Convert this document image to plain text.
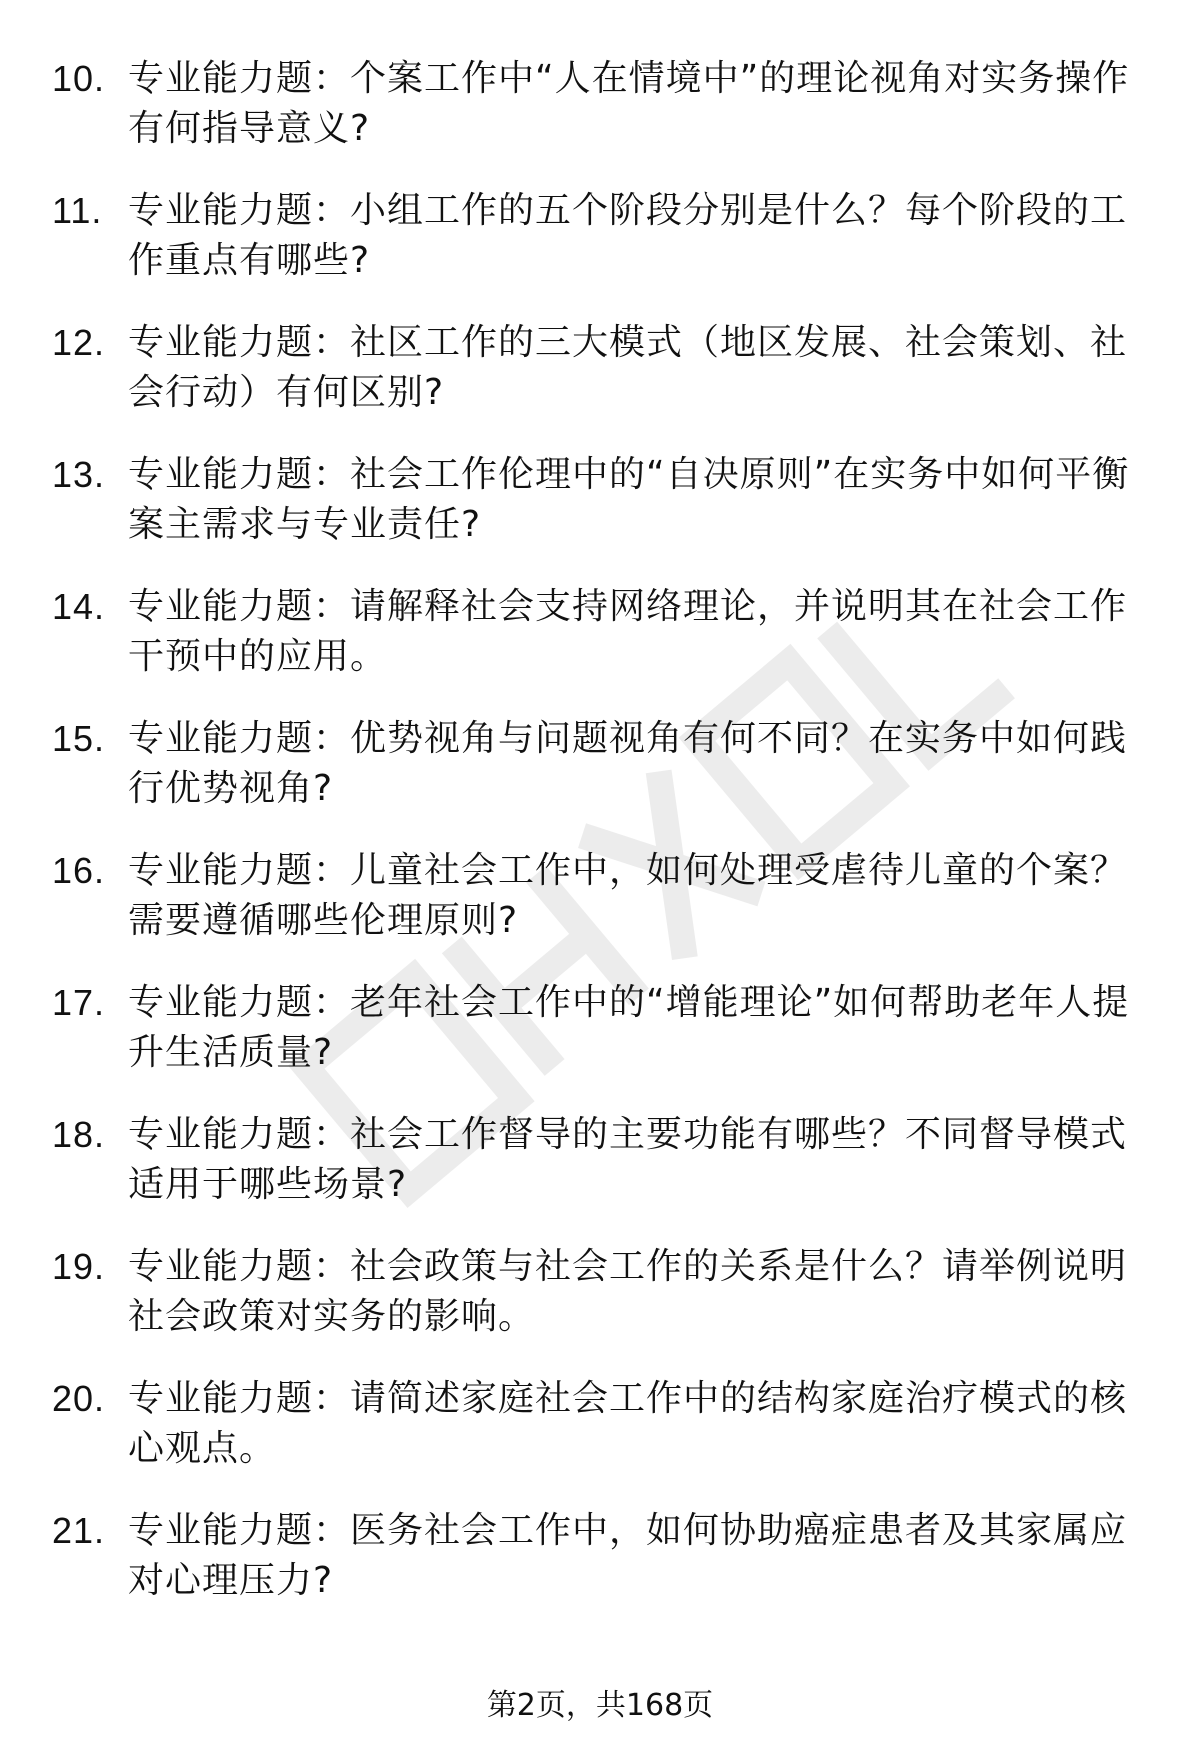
10. 专业能力题：个案工作中“人在情境中”的理论视角对实务操作有何指导意义?
11. 专业能力题：小组工作的五个阶段分别是什么？每个阶段的工作重点有哪些?
12. 专业能力题：社区工作的三大模式（地区发展、社会策划、社会行动）有何区别?
13. 专业能力题：社会工作伦理中的“自决原则”在实务中如何平衡案主需求与专业责任?
14. 专业能力题：请解释社会支持网络理论，并说明其在社会工作干预中的应用。
15. 专业能力题：优势视角与问题视角有何不同？在实务中如何践行优势视角?
16. 专业能力题：儿童社会工作中，如何处理受虐待儿童的个案？需要遵循哪些伦理原则?
17. 专业能力题：老年社会工作中的“增能理论”如何帮助老年人提升生活质量?
18. 专业能力题：社会工作督导的主要功能有哪些？不同督导模式适用于哪些场景?
19. 专业能力题：社会政策与社会工作的关系是什么？请举例说明社会政策对实务的影响。
20. 专业能力题：请简述家庭社会工作中的结构家庭治疗模式的核心观点。
21. 专业能力题：医务社会工作中，如何协助癌症患者及其家属应对心理压力?
第2页，共168页
